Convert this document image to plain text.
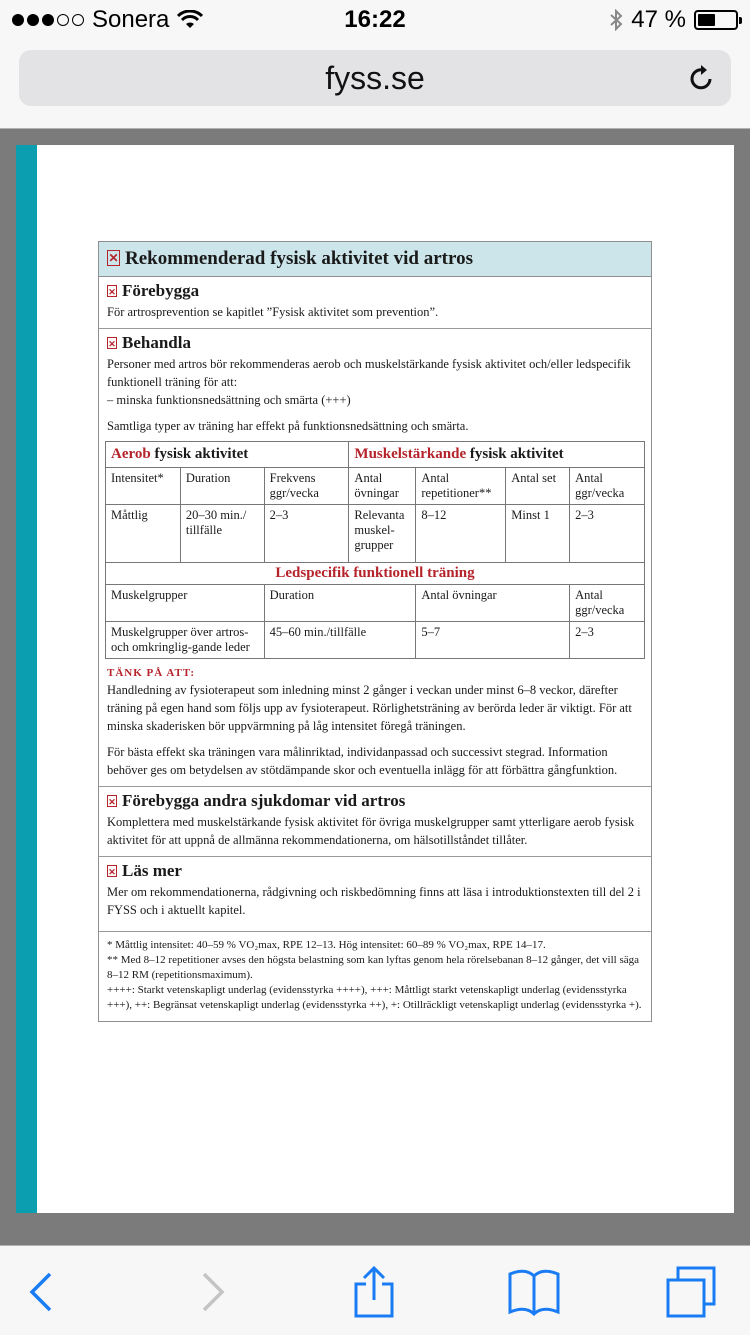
Sonera	16:22	47 %
fyss.se
✕ Rekommenderad fysisk aktivitet vid artros
✕ Förebygga

För artrosprevention se kapitlet ”Fysisk aktivitet som prevention”.

✕ Behandla

Personer med artros bör rekommenderas aerob och muskelstärkande fysisk aktivitet och/eller ledspecifik funktionell träning för att:
– minska funktionsnedsättning och smärta (+++)

Samtliga typer av träning har effekt på funktionsnedsättning och smärta.

Aerob fysisk aktivitet			Muskelstärkande fysisk aktivitet			
Intensitet*	Duration	Frekvens ggr/vecka	Antal övningar	Antal repetitioner**	Antal set	Antal ggr/vecka
Måttlig	20–30 min./ tillfälle	2–3	Relevanta muskel-grupper	8–12	Minst 1	2–3
Ledspecifik funktionell träning						
Muskelgrupper		Duration		Antal övningar		Antal ggr/vecka
Muskelgrupper över artros- och omkringlig-gande leder		45–60 min./tillfälle		5–7		2–3
TÄNK PÅ ATT:

Handledning av fysioterapeut som inledning minst 2 gånger i veckan under minst 6–8 veckor, därefter träning på egen hand som följs upp av fysioterapeut. Rörlighetsträning av berörda leder är viktigt. För att minska skaderisken bör uppvärmning på låg intensitet föregå träningen.

För bästa effekt ska träningen vara målinriktad, individanpassad och successivt stegrad. Information behöver ges om betydelsen av stötdämpande skor och eventuella inlägg för att förbättra gångfunktion.

✕ Förebygga andra sjukdomar vid artros

Komplettera med muskelstärkande fysisk aktivitet för övriga muskelgrupper samt ytterligare aerob fysisk aktivitet för att uppnå de allmänna rekommendationerna, om hälsotillståndet tillåter.

✕ Läs mer

Mer om rekommendationerna, rådgivning och riskbedömning finns att läsa i introduktionstexten till del 2 i FYSS och i aktuellt kapitel.

* Måttlig intensitet: 40–59 % VO₂max, RPE 12–13. Hög intensitet: 60–89 % VO₂max, RPE 14–17.
** Med 8–12 repetitioner avses den högsta belastning som kan lyftas genom hela rörelsebanan 8–12 gånger, det vill säga 8–12 RM (repetitionsmaximum).
++++: Starkt vetenskapligt underlag (evidensstyrka ++++), +++: Måttligt starkt vetenskapligt underlag (evidensstyrka +++), ++: Begränsat vetenskapligt underlag (evidensstyrka ++), +: Otillräckligt vetenskapligt underlag (evidensstyrka +).
